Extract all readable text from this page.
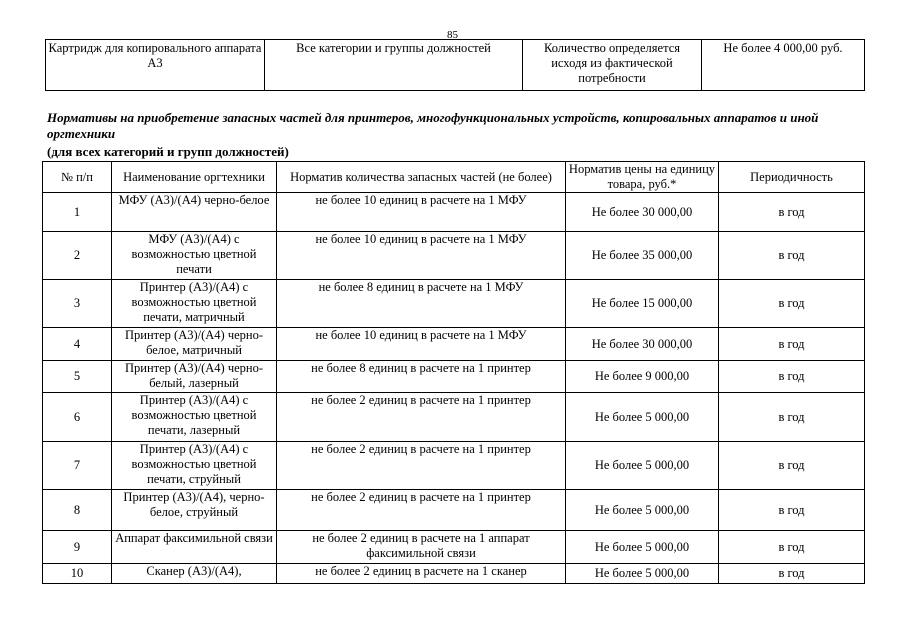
85
Картридж для копировального аппарата А3	Все категории и группы должностей	Количество определяется исходя из фактической потребности	Не более 4 000,00 руб.
Нормативы на приобретение запасных частей для принтеров, многофункциональных устройств, копировальных аппаратов и иной оргтехники
(для всех категорий и групп должностей)
№ п/п	Наименование оргтехники	Норматив количества запасных частей (не более)	Норматив цены на единицу товара, руб.*	Периодичность
1	МФУ (А3)/(А4) черно-белое	не более 10 единиц в расчете на 1 МФУ	Не более 30 000,00	в год
2	МФУ (А3)/(А4) с возможностью цветной печати	не более 10 единиц в расчете на 1 МФУ	Не более 35 000,00	в год
3	Принтер (А3)/(А4) с возможностью цветной печати, матричный	не более 8 единиц в расчете на 1 МФУ	Не более 15 000,00	в год
4	Принтер (А3)/(А4) черно-белое, матричный	не более 10 единиц в расчете на 1 МФУ	Не более 30 000,00	в год
5	Принтер (А3)/(А4) черно-белый, лазерный	не более 8 единиц в расчете на 1 принтер	Не более 9 000,00	в год
6	Принтер (А3)/(А4) с возможностью цветной печати, лазерный	не более 2 единиц в расчете на 1 принтер	Не более 5 000,00	в год
7	Принтер (А3)/(А4) с возможностью цветной печати, струйный	не более 2 единиц в расчете на 1 принтер	Не более 5 000,00	в год
8	Принтер (А3)/(А4), черно-белое, струйный	не более 2 единиц в расчете на 1 принтер	Не более 5 000,00	в год
9	Аппарат факсимильной связи	не более 2 единиц в расчете на 1 аппарат факсимильной связи	Не более 5 000,00	в год
10	Сканер (А3)/(А4),	не более 2 единиц в расчете на 1 сканер	Не более 5 000,00	в год
